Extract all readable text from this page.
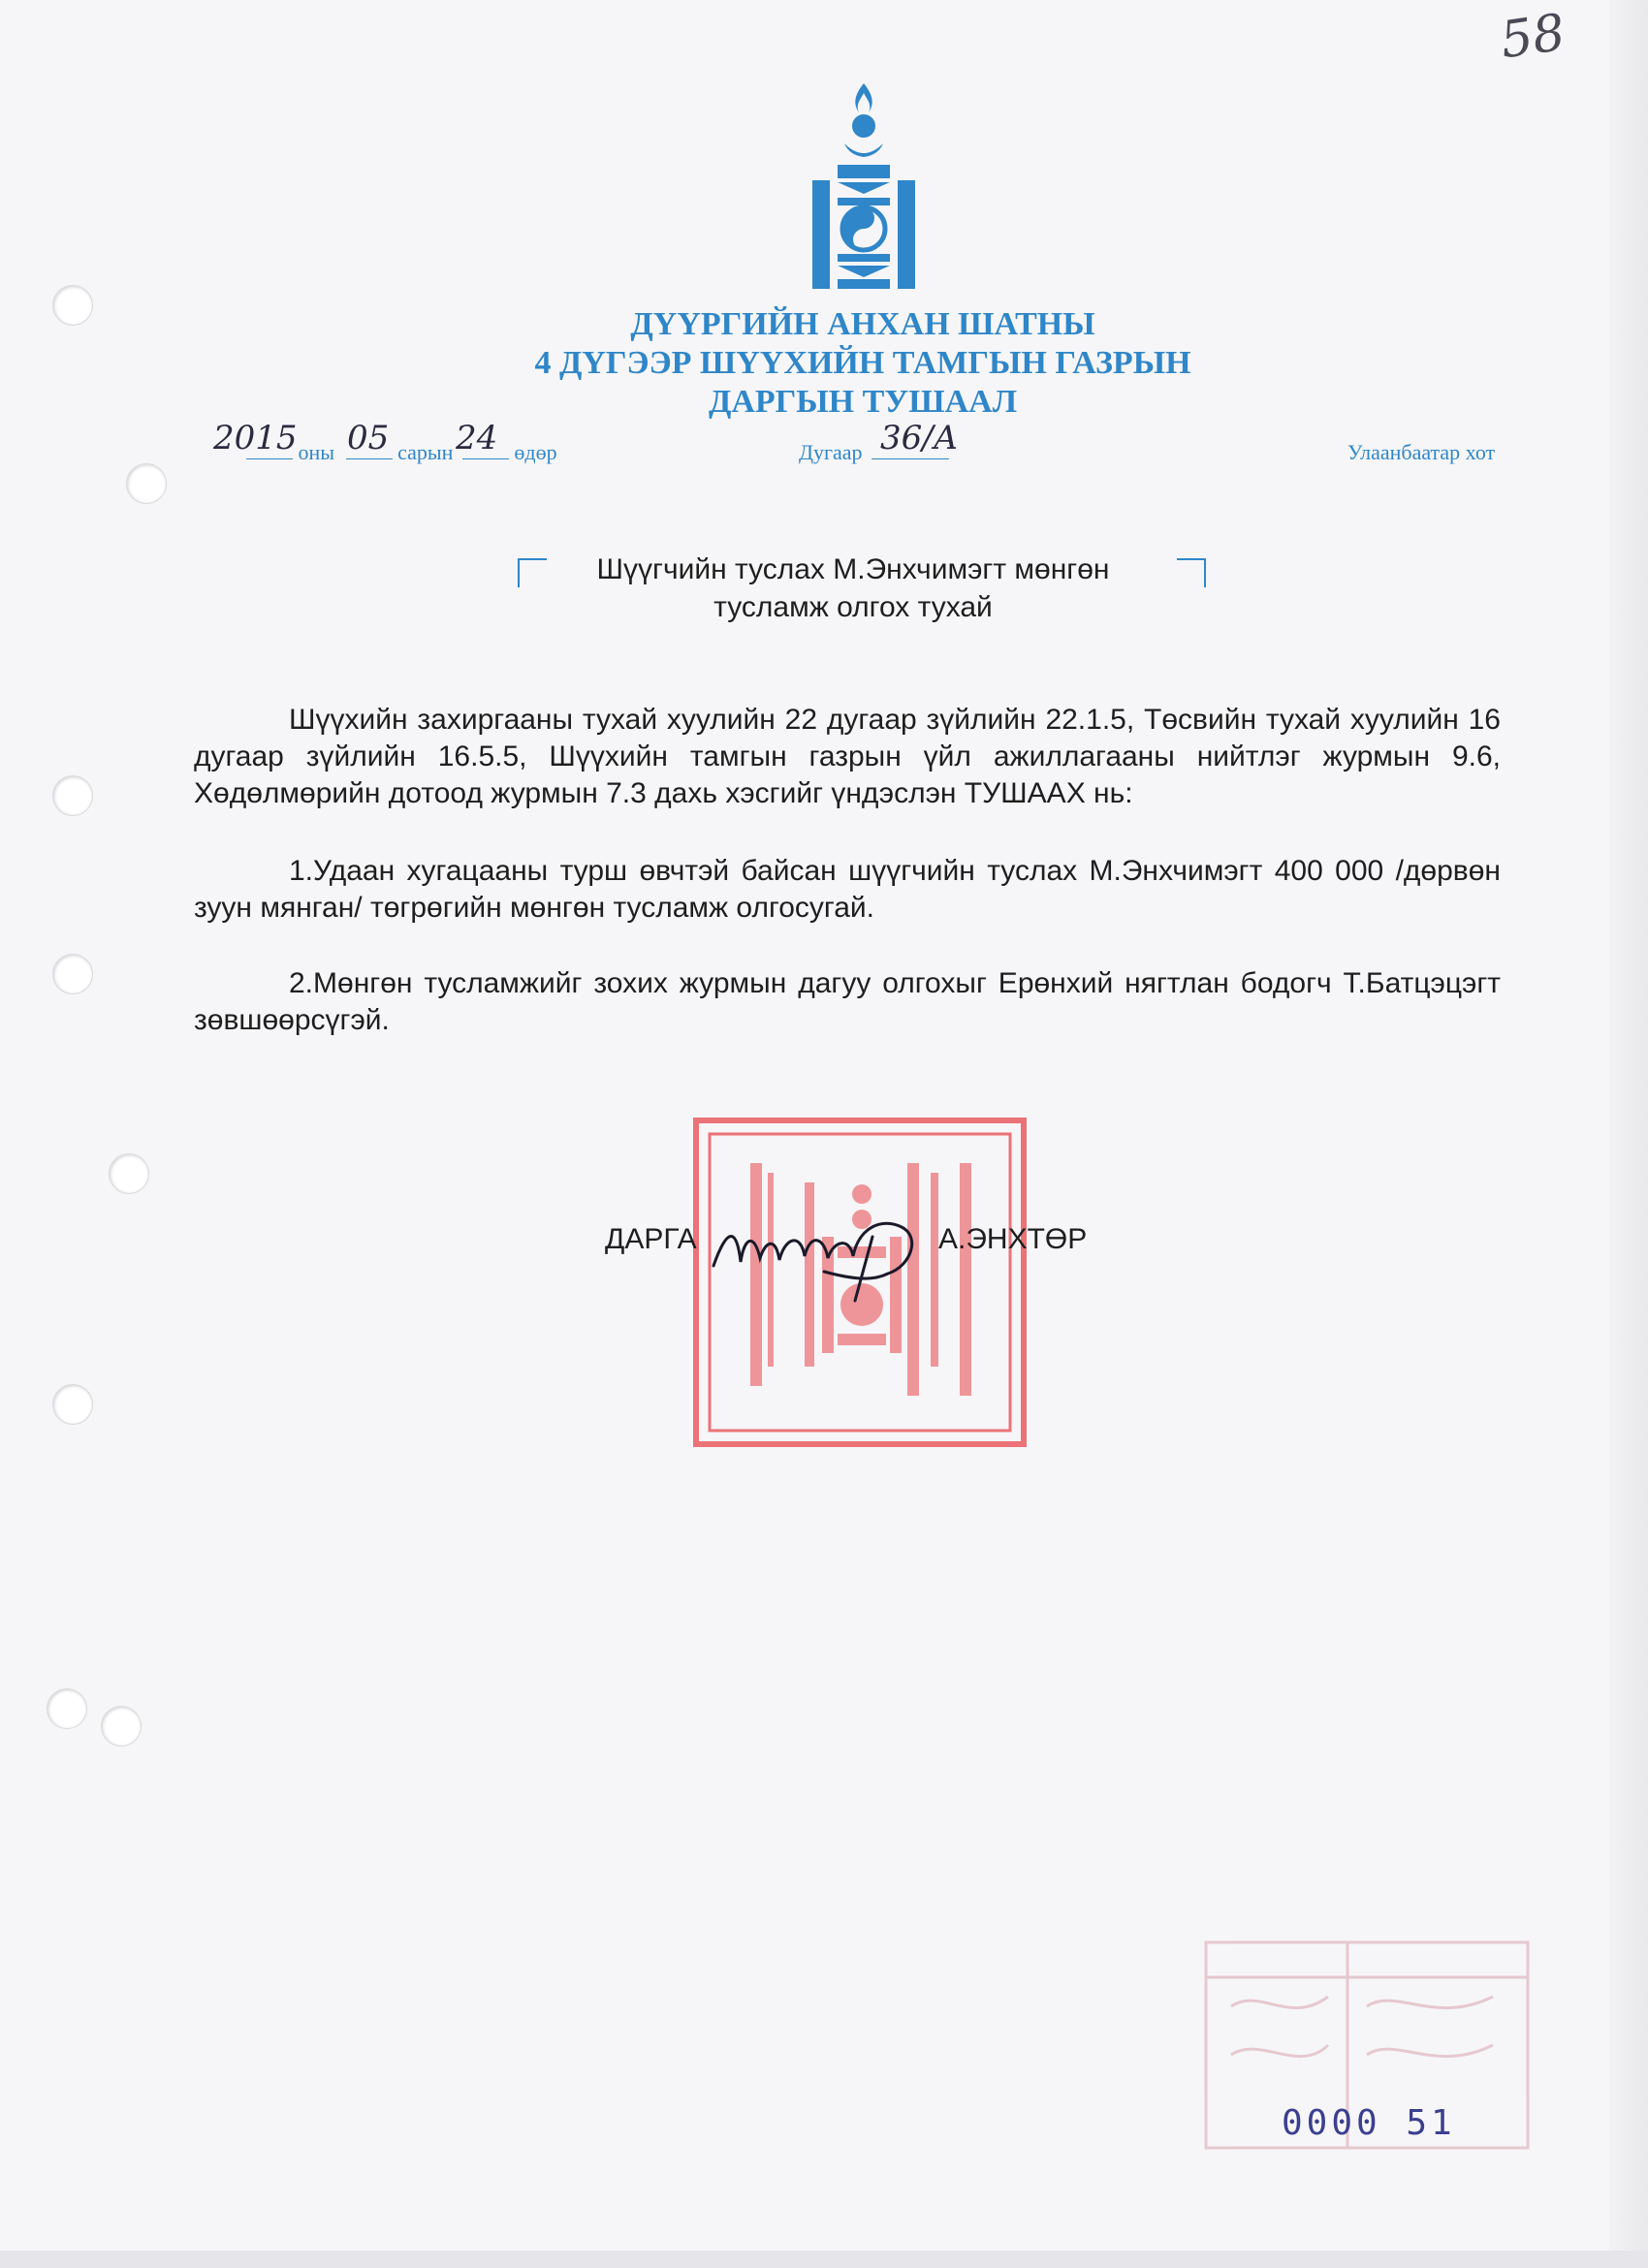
58
ДҮҮРГИЙН АНХАН ШАТНЫ
4 ДҮГЭЭР ШҮҮХИЙН ТАМГЫН ГАЗРЫН
ДАРГЫН ТУШААЛ

2015 оны 05 сарын 24 өдөр	Дугаар 36/А	Улаанбаатар хот
Шүүгчийн туслах М.Энхчимэгт мөнгөн
тусламж олгох тухай

Шүүхийн захиргааны тухай хуулийн 22 дугаар зүйлийн 22.1.5, Төсвийн тухай хуулийн 16 дугаар зүйлийн 16.5.5, Шүүхийн тамгын газрын үйл ажиллагааны нийтлэг журмын 9.6, Хөдөлмөрийн дотоод журмын 7.3 дахь хэсгийг үндэслэн ТУШААХ нь:

1.Удаан хугацааны турш өвчтэй байсан шүүгчийн туслах М.Энхчимэгт 400 000 /дөрвөн зуун мянган/ төгрөгийн мөнгөн тусламж олгосугай.

2.Мөнгөн тусламжийг зохих журмын дагуу олгохыг Ерөнхий нягтлан бодогч Т.Батцэцэгт зөвшөөрсүгэй.

ДАРГА	А.ЭНХТӨР
0000 51
